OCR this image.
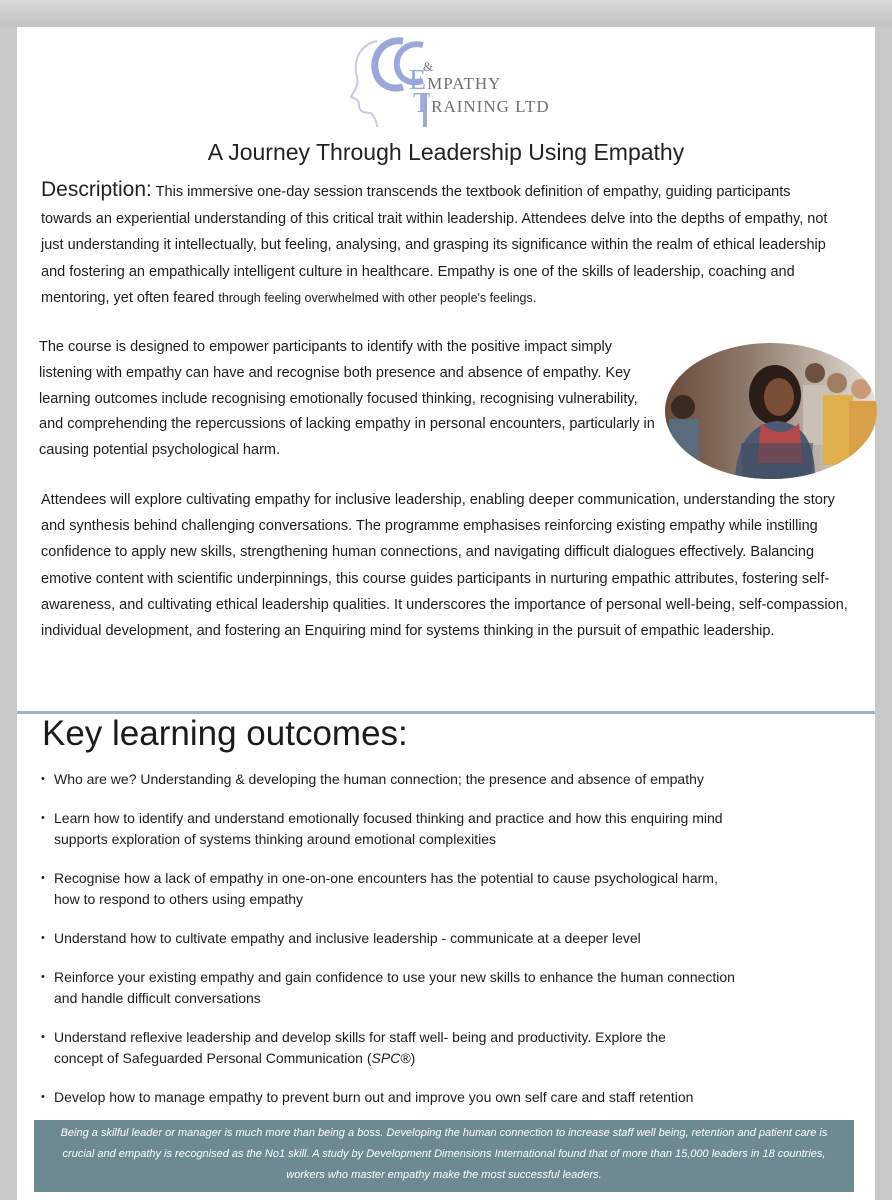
&
EMPATHY
TRAINING LTD
A Journey Through Leadership Using Empathy
Description: This immersive one-day session transcends the textbook definition of empathy, guiding participants towards an experiential understanding of this critical trait within leadership. Attendees delve into the depths of empathy, not just understanding it intellectually, but feeling, analysing, and grasping its significance within the realm of ethical leadership and fostering an empathically intelligent culture in healthcare. Empathy is one of the skills of leadership, coaching and mentoring, yet often feared through feeling overwhelmed with other people's feelings.
The course is designed to empower participants to identify with the positive impact simply listening with empathy can have and recognise both presence and absence of empathy. Key learning outcomes include recognising emotionally focused thinking, recognising vulnerability, and comprehending the repercussions of lacking empathy in personal encounters, particularly in causing potential psychological harm.
Attendees will explore cultivating empathy for inclusive leadership, enabling deeper communication, understanding the story and synthesis behind challenging conversations. The programme emphasises reinforcing existing empathy while instilling confidence to apply new skills, strengthening human connections, and navigating difficult dialogues effectively. Balancing emotive content with scientific underpinnings, this course guides participants in nurturing empathic attributes, fostering self-awareness, and cultivating ethical leadership qualities. It underscores the importance of personal well-being, self-compassion, individual development, and fostering an Enquiring mind for systems thinking in the pursuit of empathic leadership.
Key learning outcomes:
• Who are we? Understanding & developing the human connection; the presence and absence of empathy
• Learn how to identify and understand emotionally focused thinking and practice and how this enquiring mind
supports exploration of systems thinking around emotional complexities
• Recognise how a lack of empathy in one-on-one encounters has the potential to cause psychological harm,
how to respond to others using empathy
• Understand how to cultivate empathy and inclusive leadership - communicate at a deeper level
• Reinforce your existing empathy and gain confidence to use your new skills to enhance the human connection
and handle difficult conversations
• Understand reflexive leadership and develop skills for staff well- being and productivity. Explore the
concept of Safeguarded Personal Communication (SPC®)
• Develop how to manage empathy to prevent burn out and improve you own self care and staff retention
Being a skilful leader or manager is much more than being a boss. Developing the human connection to increase staff well being, retention and patient care is
crucial and empathy is recognised as the No1 skill. A study by Development Dimensions International found that of more than 15,000 leaders in 18 countries,
workers who master empathy make the most successful leaders.
